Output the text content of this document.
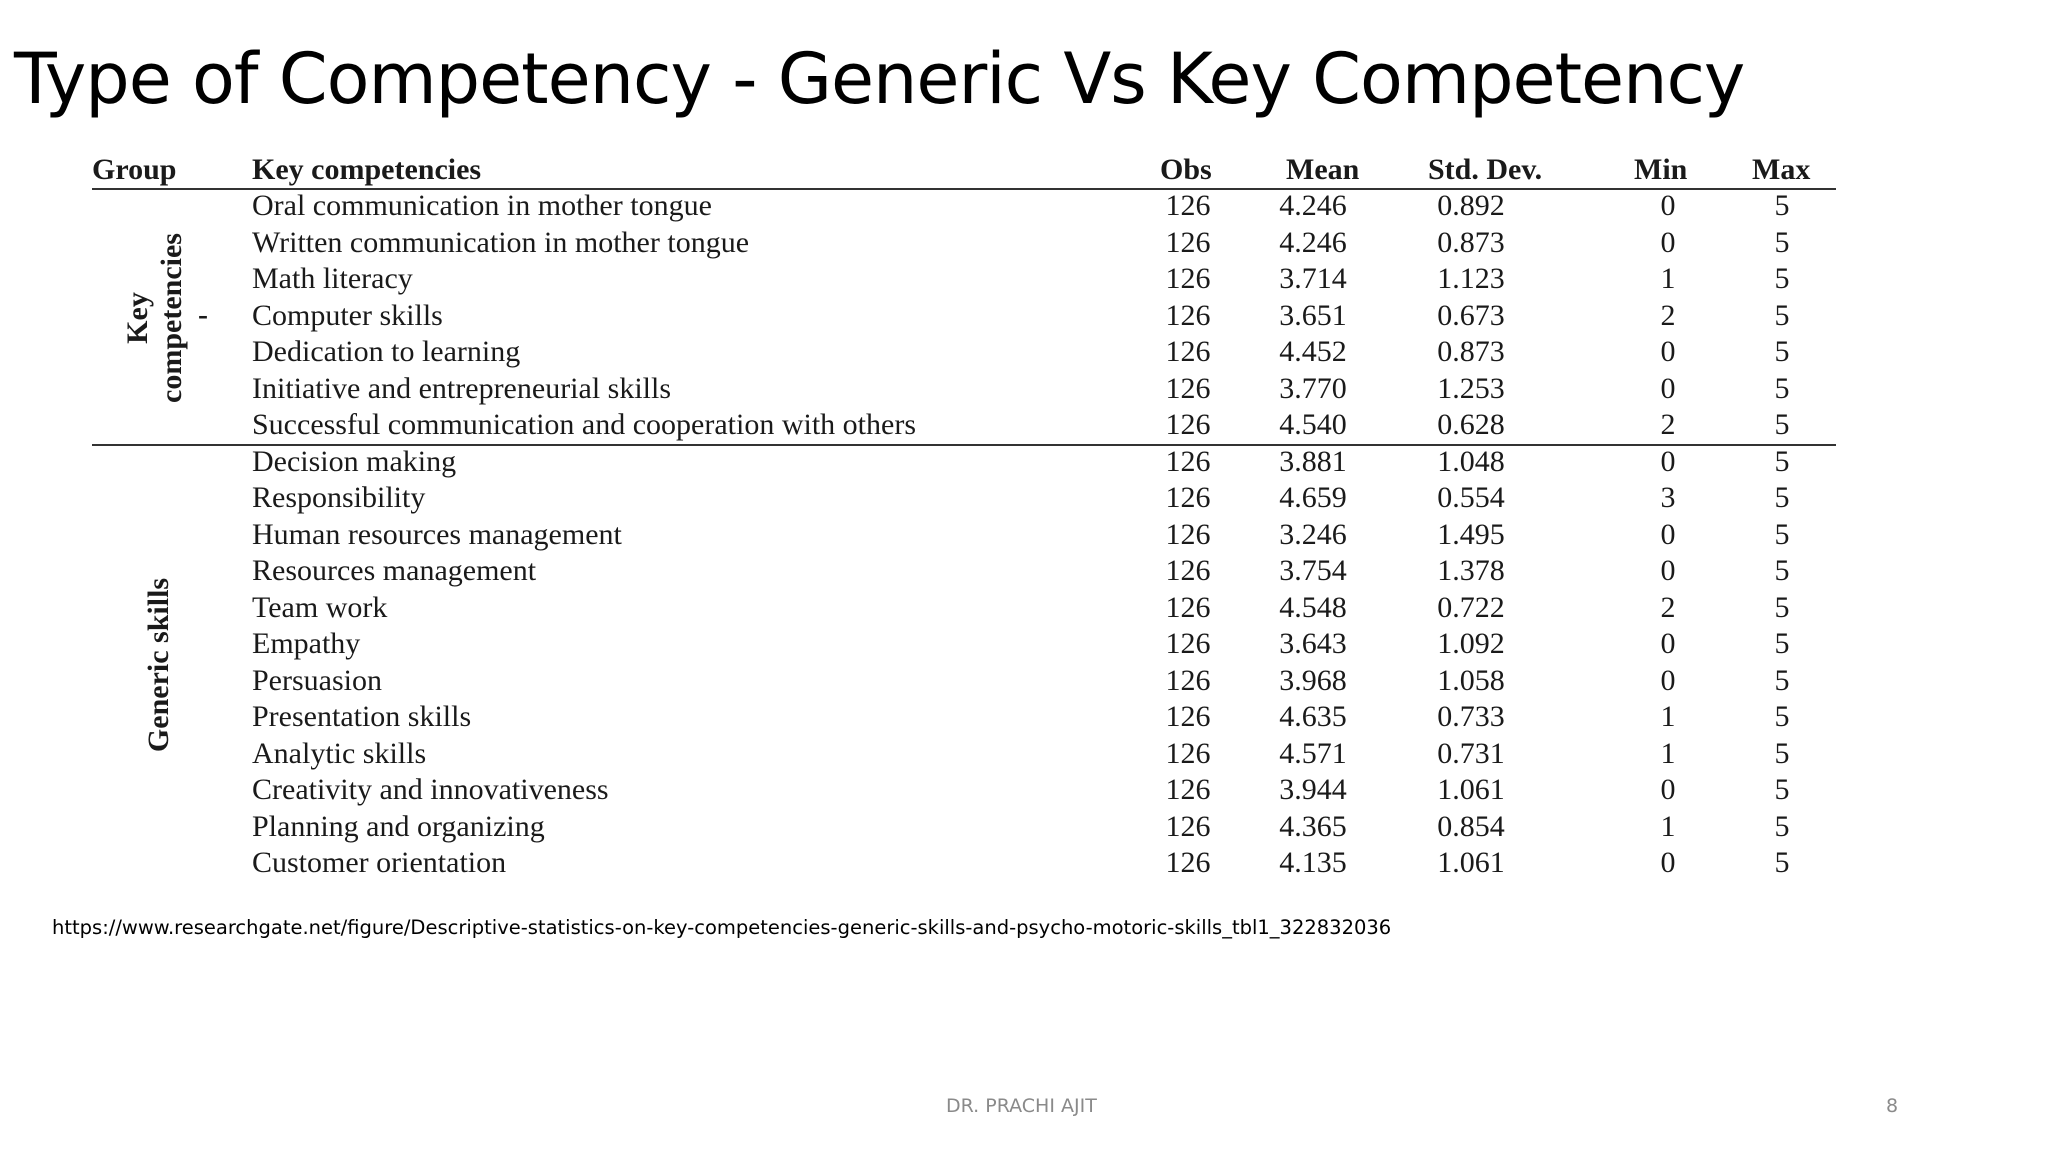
Type of Competency - Generic Vs Key Competency
Group	Key competencies	Obs Mean Std. Dev.	Min Max
Oral communication in mother tongue	126 4.246	0.892	0	5
Written communication in mother tongue	126 4.246	0.873	0	5
Math literacy	126 3.714	1.123	1	5
Computer skills	126 3.651	0.673	2	5
Dedication to learning	126 4.452	0.873	0	5
Initiative and entrepreneurial skills	126 3.770	1.253	0	5
Successful communication and cooperation with others	126 4.540	0.628	2	5
Key competencies -
Decision making	126 3.881	1.048	0	5
Responsibility	126 4.659	0.554	3	5
Human resources management	126 3.246	1.495	0	5
Resources management	126 3.754	1.378	0	5
Team work	126 4.548	0.722	2	5
Empathy	126 3.643	1.092	0	5
Persuasion	126 3.968	1.058	0	5
Presentation skills	126 4.635	0.733	1	5
Analytic skills	126 4.571	0.731	1	5
Creativity and innovativeness	126 3.944	1.061	0	5
Planning and organizing	126 4.365	0.854	1	5
Customer orientation	126 4.135	1.061	0	5
Generic skills
https://www.researchgate.net/figure/Descriptive-statistics-on-key-competencies-generic-skills-and-psycho-motoric-skills_tbl1_322832036
DR. PRACHI AJIT	8
